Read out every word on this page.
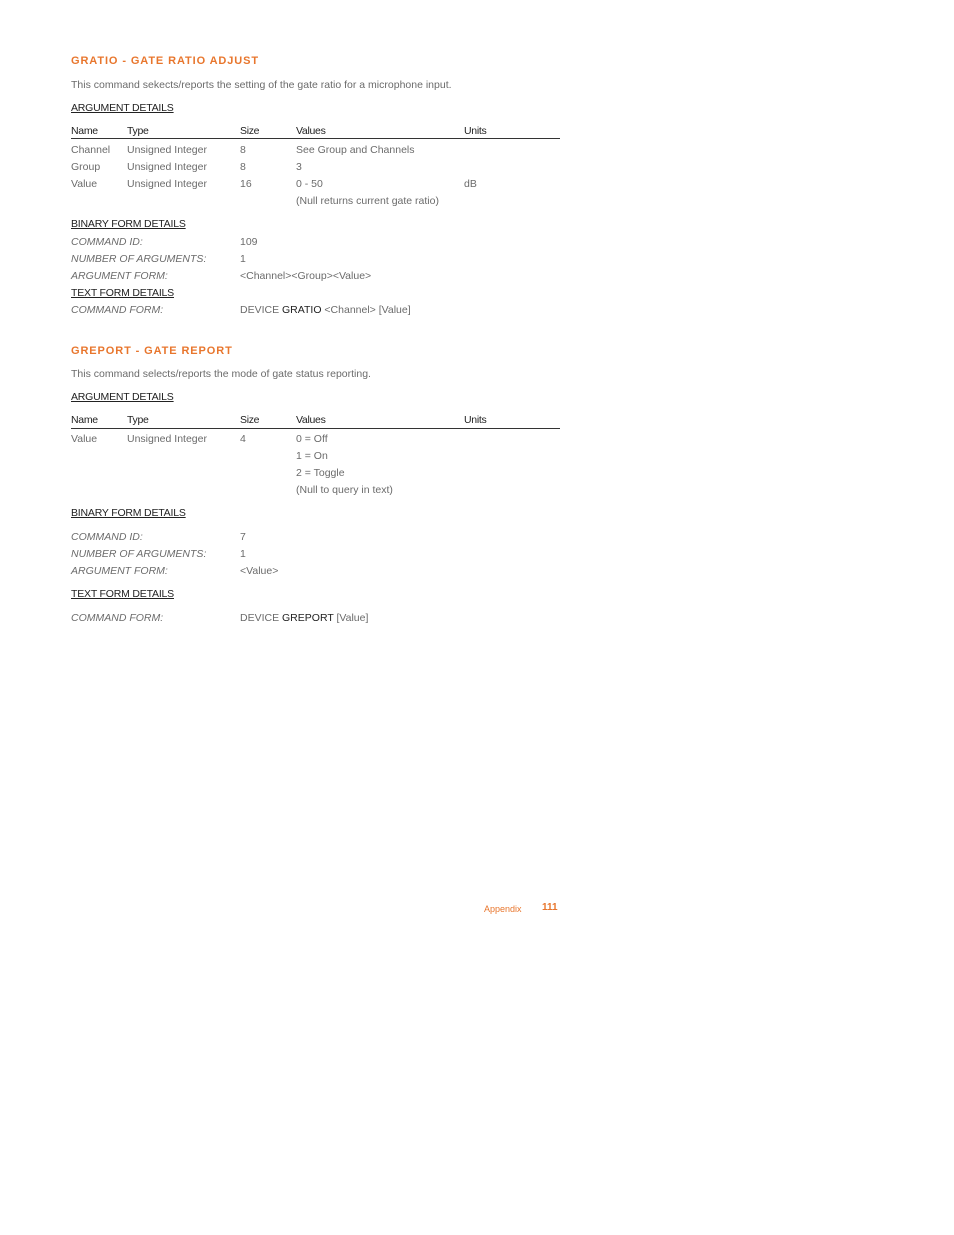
GRATIO - GATE RATIO ADJUST
This command sekects/reports the setting of the gate ratio for a microphone input.
ARGUMENT DETAILS
Name	Type	Size	Values	Units
Channel Unsigned Integer	8	See Group and Channels
Group	Unsigned Integer	8	3
Value	Unsigned Integer	16	0 - 50	dB
(Null returns current gate ratio)
BINARY FORM DETAILS
COMMAND ID:	109
NUMBER OF ARGUMENTS:	1
ARGUMENT FORM:	<Channel><Group><Value>
TEXT FORM DETAILS
COMMAND FORM:	DEVICE GRATIO <Channel> [Value]
GREPORT - GATE REPORT
This command selects/reports the mode of gate status reporting.
ARGUMENT DETAILS
Name	Type	Size	Values	Units
Value	Unsigned Integer	4	0 = Off
1 = On
2 = Toggle
(Null to query in text)
BINARY FORM DETAILS
COMMAND ID:	7
NUMBER OF ARGUMENTS:	1
ARGUMENT FORM:	<Value>
TEXT FORM DETAILS
COMMAND FORM:	DEVICE GREPORT [Value]
Appendix 111
